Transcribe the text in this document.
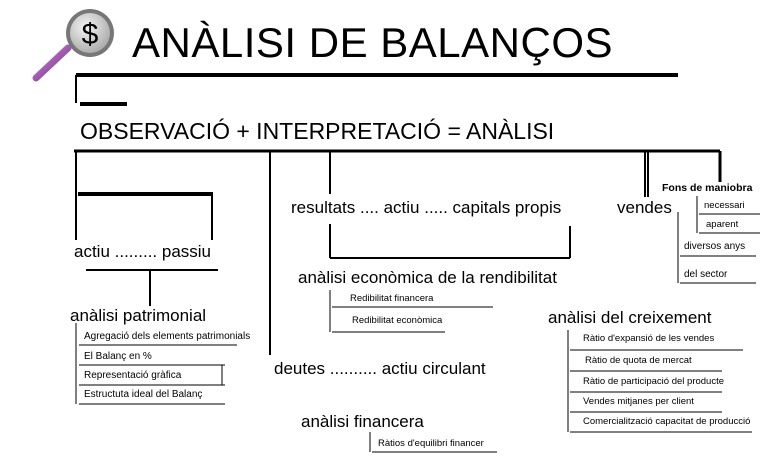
$ ANÀLISI DE BALANÇOS
OBSERVACIÓ + INTERPRETACIÓ = ANÀLISI
actiu ......... passiu
anàlisi patrimonial
Agregació dels elements patrimonials
El Balanç en %
Representació gràfica
Estructuta ideal del Balanç
deutes .......... actiu circulant
anàlisi financera
Ràtios d'equilibri financer
resultats .... actiu ..... capitals propis
anàlisi econòmica de la rendibilitat
Redibilitat financera
Redibilitat econòmica
vendes
anàlisi del creixement
Ràtio d'expansió de les vendes
Ràtio de quota de mercat
Ràtio de participació del producte
Vendes mitjanes per client
Comercialització capacitat de producció
Fons de maniobra
necessari
aparent
diversos anys
del sector
